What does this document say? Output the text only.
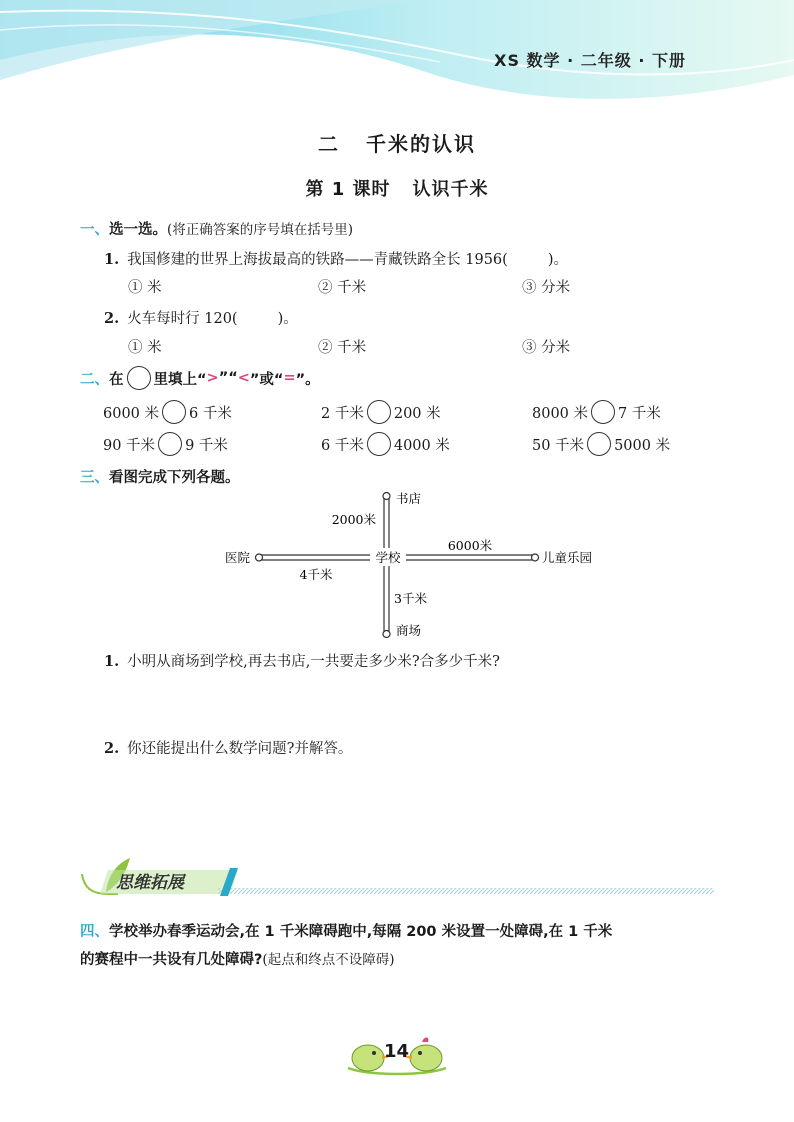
XS 数学 · 二年级 · 下册
二 千米的认识
第 1 课时 认识千米
一、选一选。(将正确答案的序号填在括号里)
1. 我国修建的世界上海拔最高的铁路——青藏铁路全长 1956(	)。
① 米	② 千米	③ 分米
2. 火车每时行 120(	)。
① 米	② 千米	③ 分米
二、 在 里填上“ > ”“ < ”或“ = ”。
6000 米 6 千米	2 千米 200 米	8000 米 7 千米
90 千米 9 千米	6 千米 4000 米	50 千米 5000 米
三、看图完成下列各题。
学校
书店
2000米
医院
4千米
6000米
儿童乐园
3千米
商场
1. 小明从商场到学校,再去书店,一共要走多少米?合多少千米?
2. 你还能提出什么数学问题?并解答。
思维拓展
四、学校举办春季运动会,在 1 千米障碍跑中,每隔 200 米设置一处障碍,在 1 千米
的赛程中一共设有几处障碍?(起点和终点不设障碍)
14
